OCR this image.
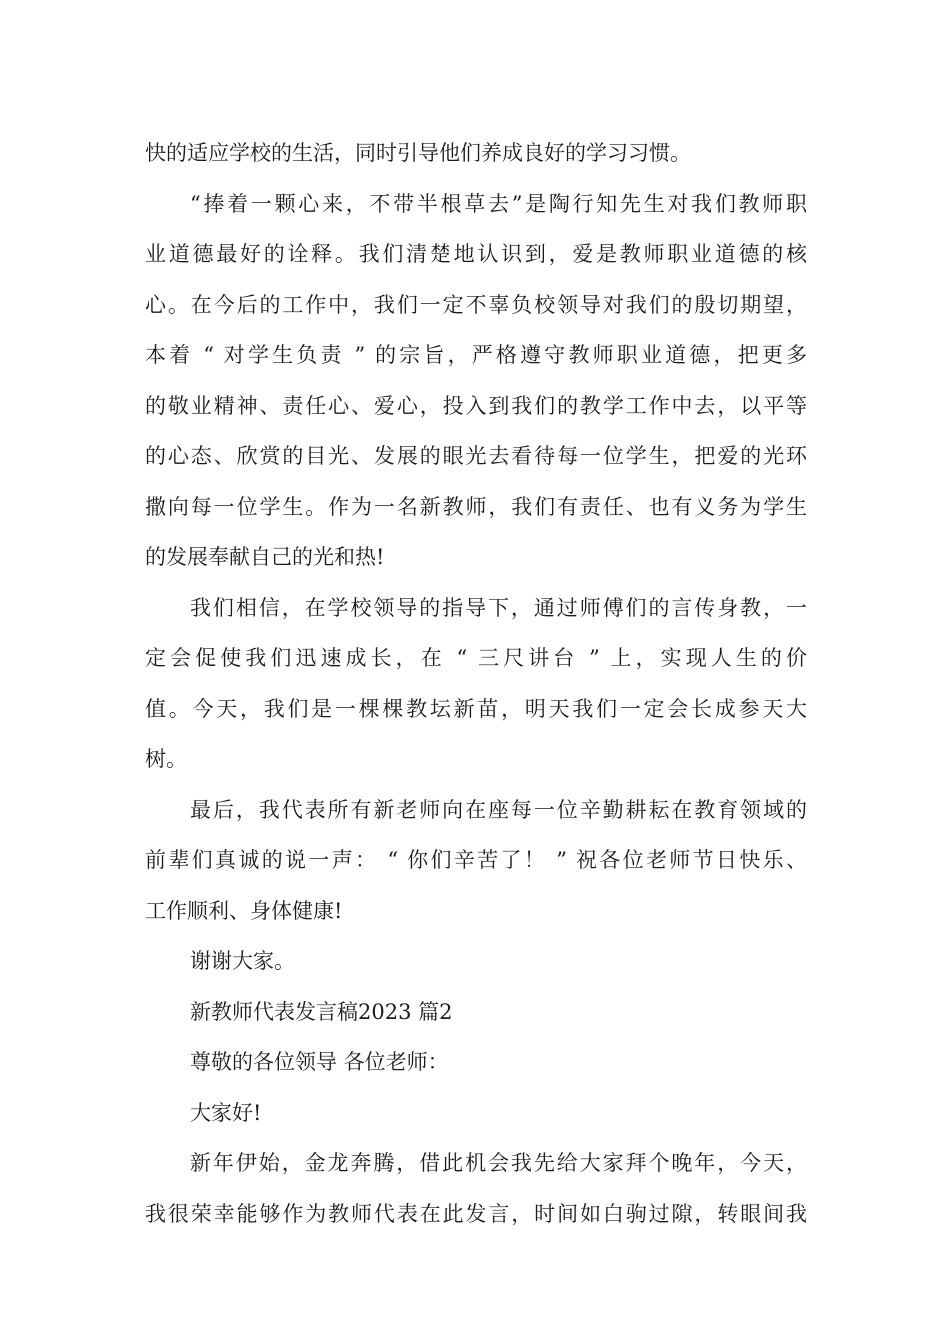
快的适应学校的生活，同时引导他们养成良好的学习习惯。
“捧着一颗心来，不带半根草去”是陶行知先生对我们教师职
业道德最好的诠释。我们清楚地认识到，爱是教师职业道德的核
心。在今后的工作中，我们一定不辜负校领导对我们的殷切期望，
本着 “ 对学生负责 ” 的宗旨，严格遵守教师职业道德，把更多
的敬业精神、责任心、爱心，投入到我们的教学工作中去，以平等
的心态、欣赏的目光、发展的眼光去看待每一位学生，把爱的光环
撒向每一位学生。作为一名新教师，我们有责任、也有义务为学生
的发展奉献自己的光和热!
我们相信，在学校领导的指导下，通过师傅们的言传身教，一
定会促使我们迅速成长，在 “ 三尺讲台 ” 上，实现人生的价
值。今天，我们是一棵棵教坛新苗，明天我们一定会长成参天大
树。
最后，我代表所有新老师向在座每一位辛勤耕耘在教育领域的
前辈们真诚的说一声： “ 你们辛苦了！ ” 祝各位老师节日快乐、
工作顺利、身体健康!
谢谢大家。
新教师代表发言稿2023 篇2
尊敬的各位领导 各位老师：
大家好!
新年伊始，金龙奔腾，借此机会我先给大家拜个晚年，今天，
我很荣幸能够作为教师代表在此发言，时间如白驹过隙，转眼间我
